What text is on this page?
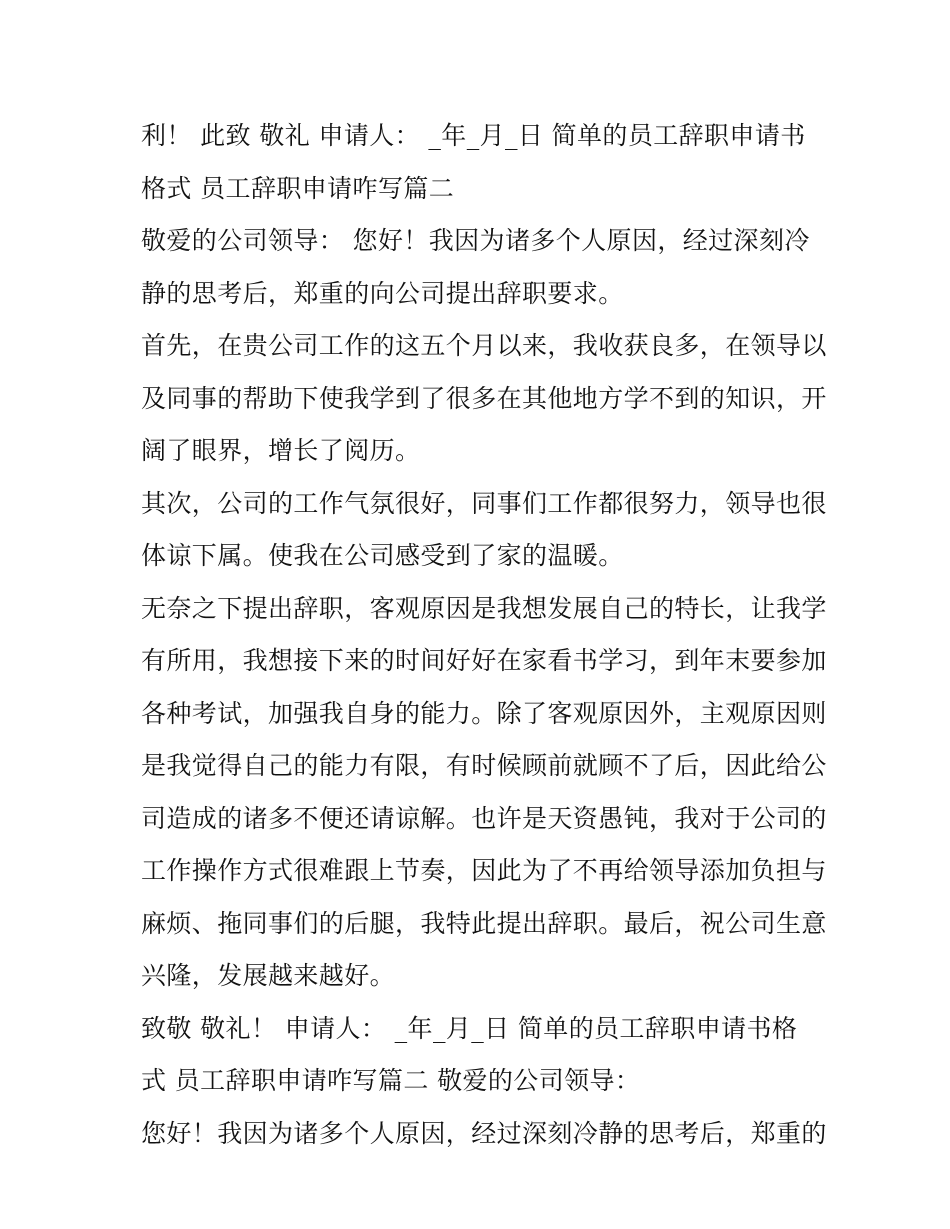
利！ 此致 敬礼 申请人： _年_月_日 简单的员工辞职申请书

格式 员工辞职申请咋写篇二

敬爱的公司领导： 您好！我因为诸多个人原因，经过深刻冷

静的思考后，郑重的向公司提出辞职要求。

首先，在贵公司工作的这五个月以来，我收获良多，在领导以

及同事的帮助下使我学到了很多在其他地方学不到的知识，开

阔了眼界，增长了阅历。

其次，公司的工作气氛很好，同事们工作都很努力，领导也很

体谅下属。使我在公司感受到了家的温暖。

无奈之下提出辞职，客观原因是我想发展自己的特长，让我学

有所用，我想接下来的时间好好在家看书学习，到年末要参加

各种考试，加强我自身的能力。除了客观原因外，主观原因则

是我觉得自己的能力有限，有时候顾前就顾不了后，因此给公

司造成的诸多不便还请谅解。也许是天资愚钝，我对于公司的

工作操作方式很难跟上节奏，因此为了不再给领导添加负担与

麻烦、拖同事们的后腿，我特此提出辞职。最后，祝公司生意

兴隆，发展越来越好。

致敬 敬礼！ 申请人： _年_月_日 简单的员工辞职申请书格

式 员工辞职申请咋写篇二 敬爱的公司领导：

您好！我因为诸多个人原因，经过深刻冷静的思考后，郑重的
